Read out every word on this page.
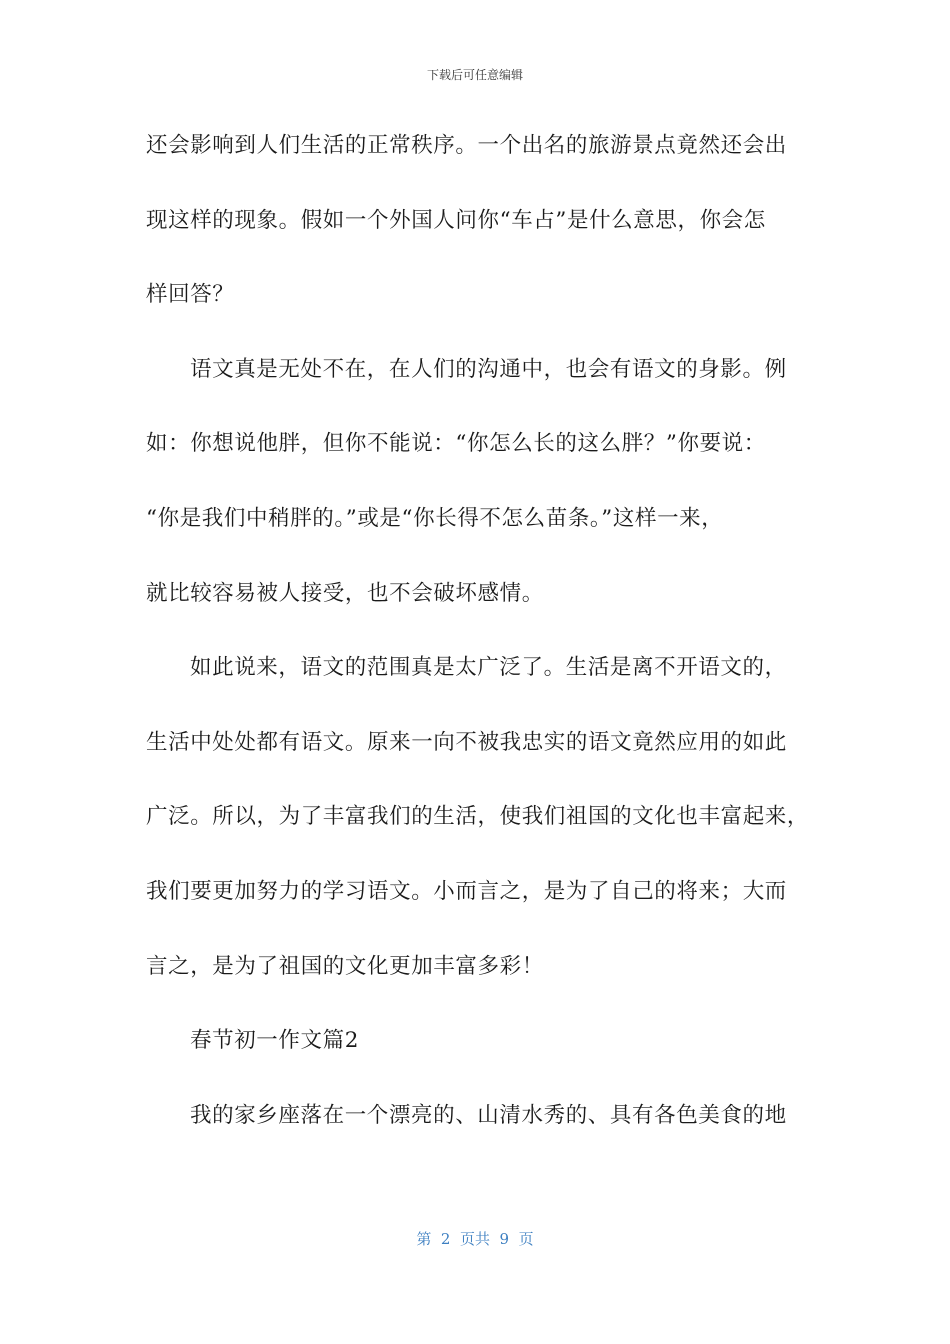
下载后可任意编辑
还会影响到人们生活的正常秩序。一个出名的旅游景点竟然还会出
现这样的现象。假如一个外国人问你“车占”是什么意思，你会怎
样回答？
语文真是无处不在，在人们的沟通中，也会有语文的身影。例
如：你想说他胖，但你不能说：“你怎么长的这么胖？”你要说：
“你是我们中稍胖的。”或是“你长得不怎么苗条。”这样一来，
就比较容易被人接受，也不会破坏感情。
如此说来，语文的范围真是太广泛了。生活是离不开语文的，
生活中处处都有语文。原来一向不被我忠实的语文竟然应用的如此
广泛。所以，为了丰富我们的生活，使我们祖国的文化也丰富起来，
我们要更加努力的学习语文。小而言之，是为了自己的将来；大而
言之，是为了祖国的文化更加丰富多彩！
春节初一作文篇2
我的家乡座落在一个漂亮的、山清水秀的、具有各色美食的地
第  2  页共  9  页
